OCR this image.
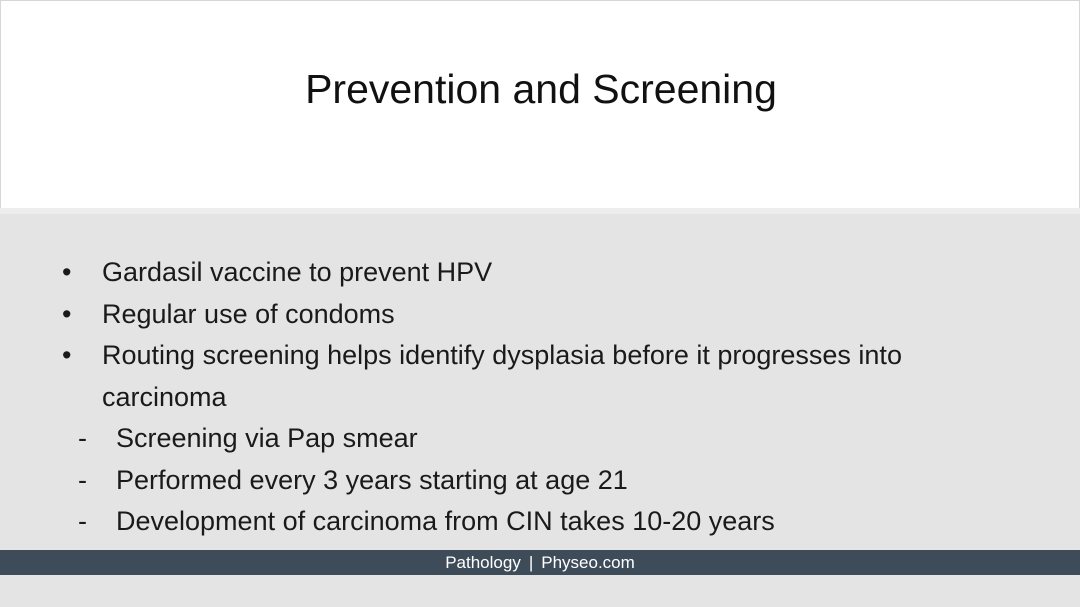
Prevention and Screening
•	Gardasil vaccine to prevent HPV
•	Regular use of condoms
•	Routing screening helps identify dysplasia before it progresses into carcinoma
- Screening via Pap smear
- Performed every 3 years starting at age 21
- Development of carcinoma from CIN takes 10-20 years
Pathology | Physeo.com
